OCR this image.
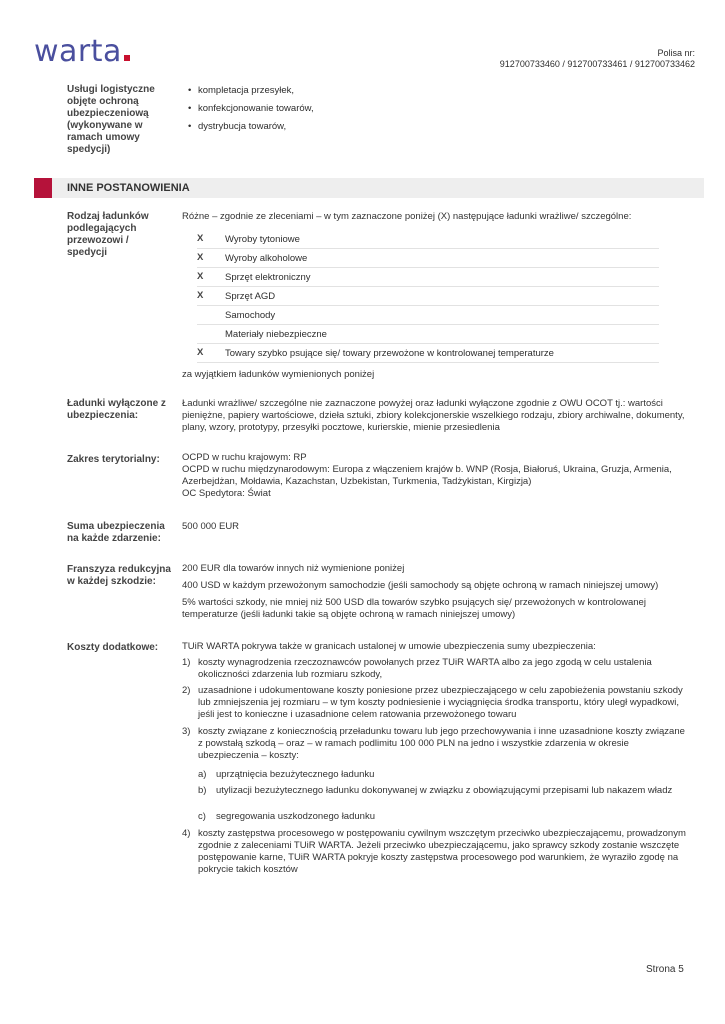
warta	Polisa nr:
912700733460 / 912700733461 / 912700733462
Usługi logistyczne objęte ochroną ubezpieczeniową (wykonywane w ramach umowy spedycji)
• kompletacja przesyłek,
• konfekcjonowanie towarów,
• dystrybucja towarów,
INNE POSTANOWIENIA
Rodzaj ładunków podlegających przewozowi / spedycji
Różne – zgodnie ze zleceniami – w tym zaznaczone poniżej (X) następujące ładunki wrażliwe/ szczególne:
X	Wyroby tytoniowe
X	Wyroby alkoholowe
X	Sprzęt elektroniczny
X	Sprzęt AGD
Samochody
Materiały niebezpieczne
X	Towary szybko psujące się/ towary przewożone w kontrolowanej temperaturze
za wyjątkiem ładunków wymienionych poniżej
Ładunki wyłączone z ubezpieczenia:
Ładunki wrażliwe/ szczególne nie zaznaczone powyżej oraz ładunki wyłączone zgodnie z OWU OCOT tj.: wartości pieniężne, papiery wartościowe, dzieła sztuki, zbiory kolekcjonerskie wszelkiego rodzaju, zbiory archiwalne, dokumenty, plany, wzory, prototypy, przesyłki pocztowe, kurierskie, mienie przesiedlenia
Zakres terytorialny:	OCPD w ruchu krajowym: RP
OCPD w ruchu międzynarodowym: Europa z włączeniem krajów b. WNP (Rosja, Białoruś, Ukraina, Gruzja, Armenia, Azerbejdżan, Mołdawia, Kazachstan, Uzbekistan, Turkmenia, Tadżykistan, Kirgizja)
OC Spedytora: Świat
Suma ubezpieczenia na każde zdarzenie:
500 000 EUR
Franszyza redukcyjna w każdej szkodzie:
200 EUR dla towarów innych niż wymienione poniżej
400 USD w każdym przewożonym samochodzie (jeśli samochody są objęte ochroną w ramach niniejszej umowy)
5% wartości szkody, nie mniej niż 500 USD dla towarów szybko psujących się/ przewożonych w kontrolowanej temperaturze (jeśli ładunki takie są objęte ochroną w ramach niniejszej umowy)
Koszty dodatkowe:	TUiR WARTA pokrywa także w granicach ustalonej w umowie ubezpieczenia sumy ubezpieczenia:
1) koszty wynagrodzenia rzeczoznawców powołanych przez TUiR WARTA albo za jego zgodą w celu ustalenia okoliczności zdarzenia lub rozmiaru szkody,
2) uzasadnione i udokumentowane koszty poniesione przez ubezpieczającego w celu zapobieżenia powstaniu szkody lub zmniejszenia jej rozmiaru – w tym koszty podniesienie i wyciągnięcia środka transportu, który uległ wypadkowi, jeśli jest to konieczne i uzasadnione celem ratowania przewożonego towaru
3) koszty związane z koniecznością przeładunku towaru lub jego przechowywania i inne uzasadnione koszty związane z powstałą szkodą – oraz – w ramach podlimitu 100 000 PLN na jedno i wszystkie zdarzenia w okresie ubezpieczenia – koszty:
a) uprzątnięcia bezużytecznego ładunku
b) utylizacji bezużytecznego ładunku dokonywanej w związku z obowiązującymi przepisami lub nakazem władz
c) segregowania uszkodzonego ładunku
4) koszty zastępstwa procesowego w postępowaniu cywilnym wszczętym przeciwko ubezpieczającemu, prowadzonym zgodnie z zaleceniami TUiR WARTA. Jeżeli przeciwko ubezpieczającemu, jako sprawcy szkody zostanie wszczęte postępowanie karne, TUiR WARTA pokryje koszty zastępstwa procesowego pod warunkiem, że wyraziło zgodę na pokrycie takich kosztów
Strona 5
